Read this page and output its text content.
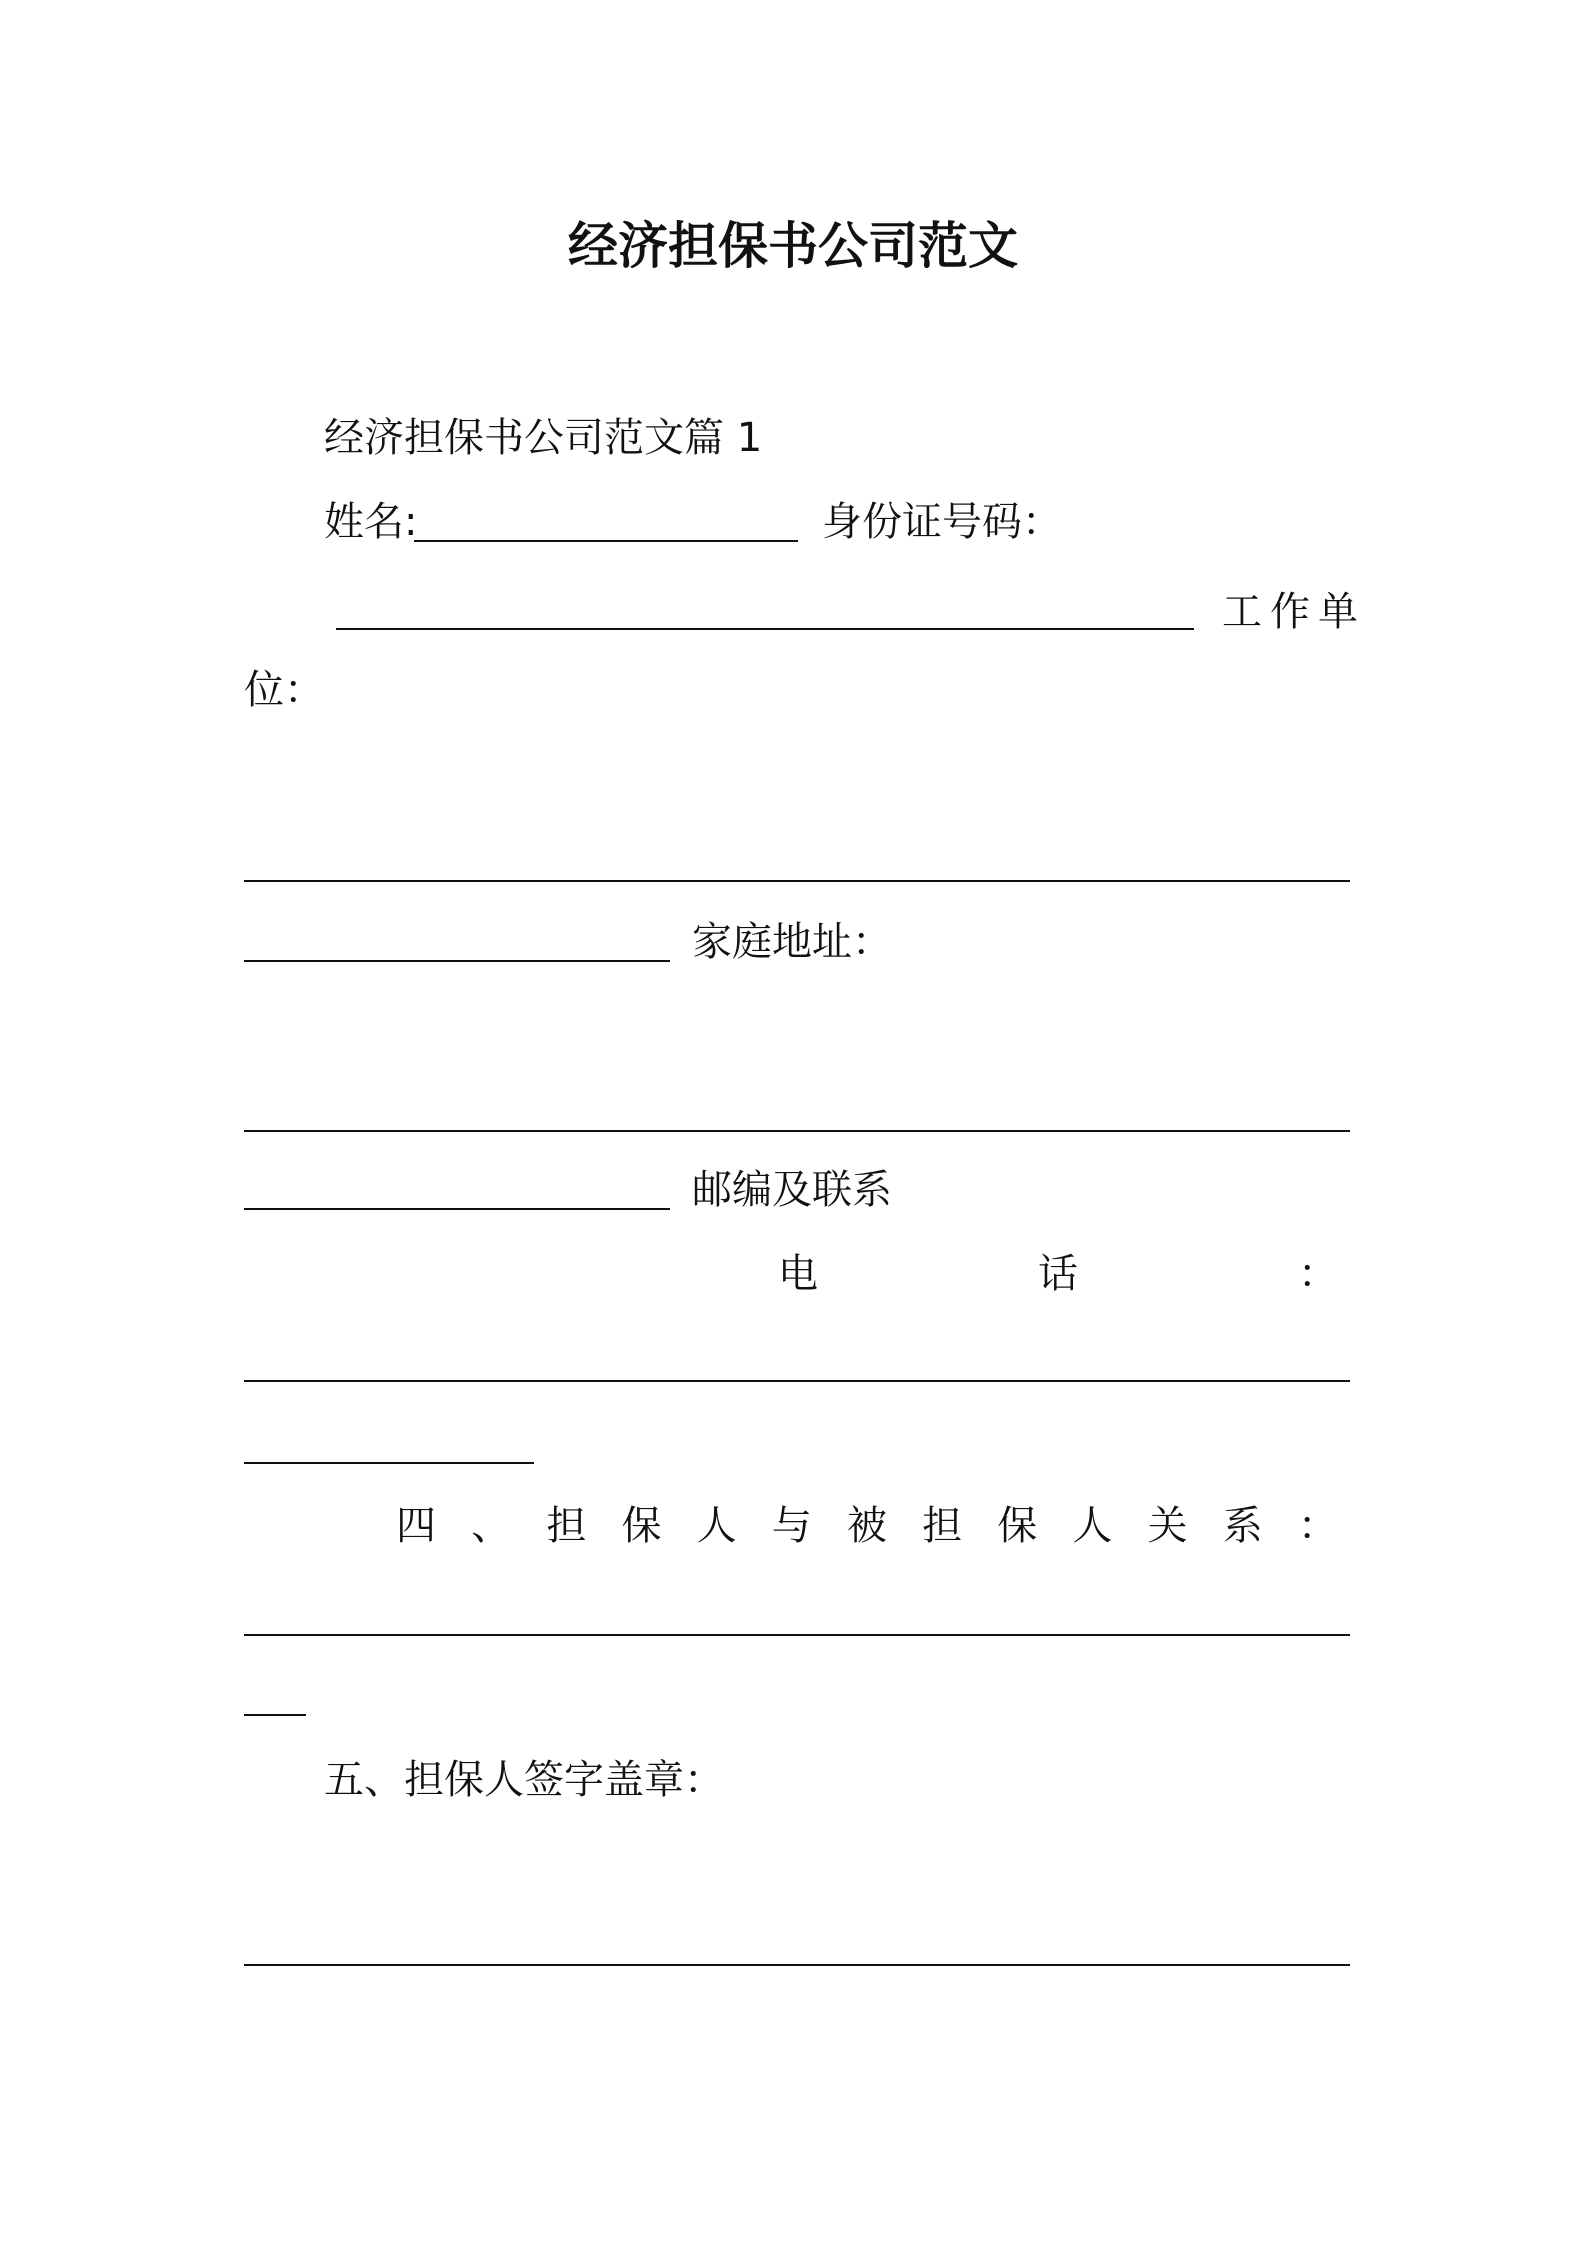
经济担保书公司范文

经济担保书公司范文篇 1

姓名:	身份证号码：

工作单

位：

家庭地址：

邮编及联系

电	话	：
四 、 担 保 人 与 被 担 保 人 关 系 ：

五、担保人签字盖章：
